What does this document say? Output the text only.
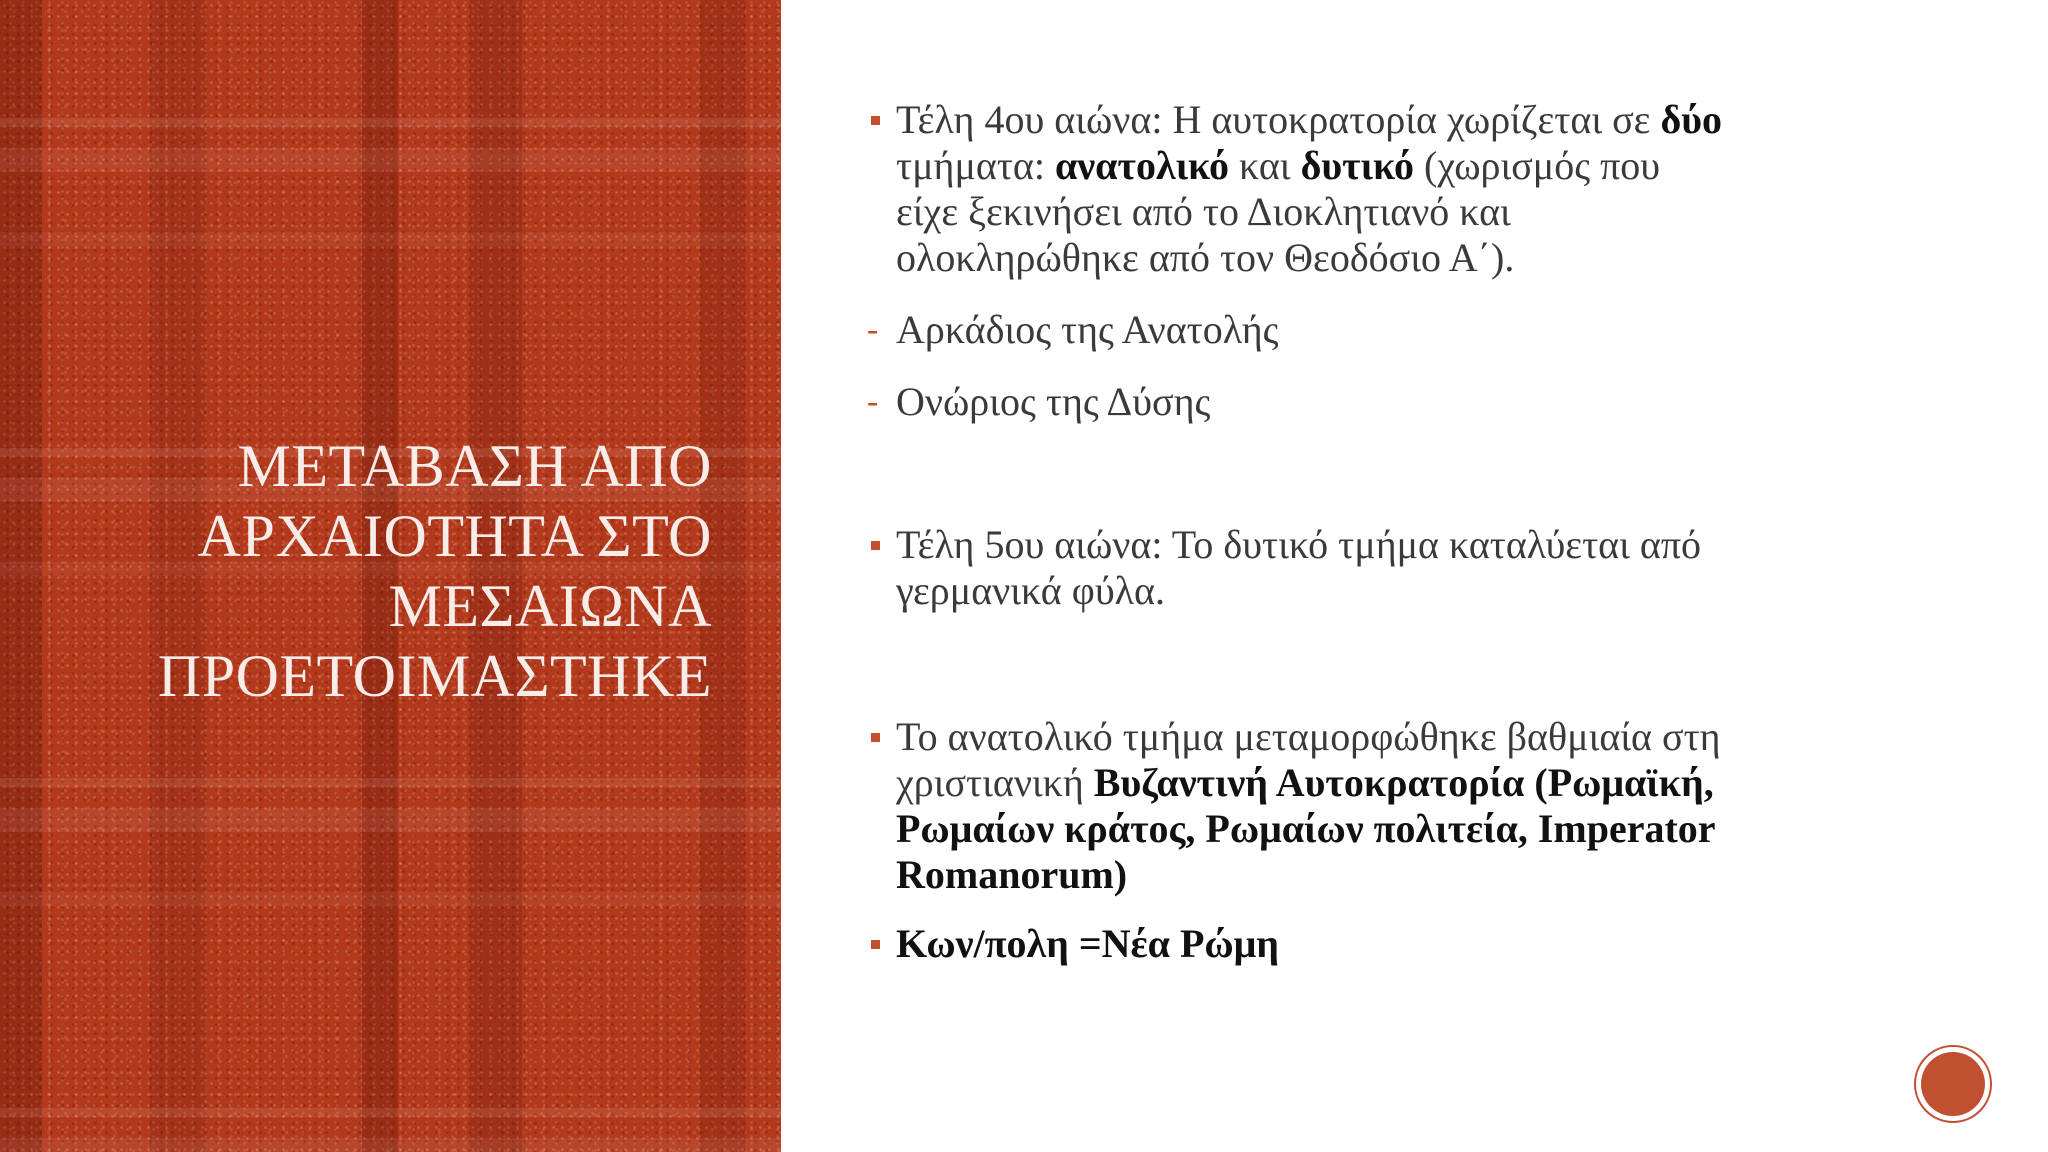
ΜΕΤΑΒΑΣΗ ΑΠΟ
ΑΡΧΑΙΟΤΗΤΑ ΣΤΟ
ΜΕΣΑΙΩΝΑ
ΠΡΟΕΤΟΙΜΑΣΤΗΚΕ
Τέλη 4ου αιώνα: Η αυτοκρατορία χωρίζεται σε δύο
τμήματα: ανατολικό και δυτικό (χωρισμός που
είχε ξεκινήσει από το Διοκλητιανό και
ολοκληρώθηκε από τον Θεοδόσιο Α΄).
- Αρκάδιος της Ανατολής
- Ονώριος της Δύσης
Τέλη 5ου αιώνα: Το δυτικό τμήμα καταλύεται από
γερμανικά φύλα.
Το ανατολικό τμήμα μεταμορφώθηκε βαθμιαία στη
χριστιανική Βυζαντινή Αυτοκρατορία (Ρωμαϊκή,
Ρωμαίων κράτος, Ρωμαίων πολιτεία, Imperator
Romanorum)
Κων/πολη =Νέα Ρώμη
